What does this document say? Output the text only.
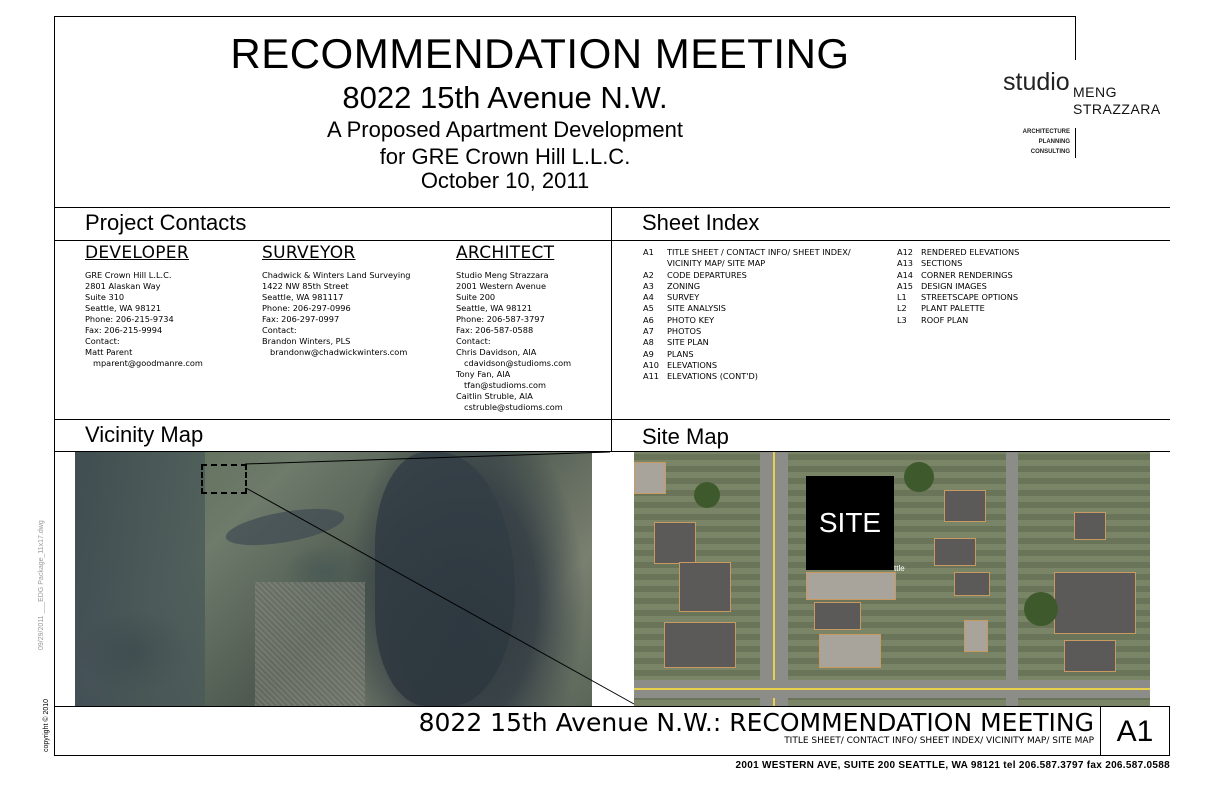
RECOMMENDATION MEETING
8022 15th Avenue N.W.
A Proposed Apartment Development
for GRE Crown Hill L.L.C.
October 10, 2011
studio MENG
STRAZZARA
ARCHITECTURE
PLANNING
CONSULTING
Project Contacts
DEVELOPER
GRE Crown Hill L.L.C.
2801 Alaskan Way
Suite 310
Seattle, WA 98121
Phone: 206-215-9734
Fax: 206-215-9994
Contact:
Matt Parent
mparent@goodmanre.com
SURVEYOR
Chadwick & Winters Land Surveying
1422 NW 85th Street
Seattle, WA 981117
Phone: 206-297-0996
Fax: 206-297-0997
Contact:
Brandon Winters, PLS
brandonw@chadwickwinters.com
ARCHITECT
Studio Meng Strazzara
2001 Western Avenue
Suite 200
Seattle, WA 98121
Phone: 206-587-3797
Fax: 206-587-0588
Contact:
Chris Davidson, AIA
cdavidson@studioms.com
Tony Fan, AIA
tfan@studioms.com
Caitlin Struble, AIA
cstruble@studioms.com
Sheet Index
A1 TITLE SHEET / CONTACT INFO/ SHEET INDEX/
VICINITY MAP/ SITE MAP
A2 CODE DEPARTURES
A3 ZONING
A4 SURVEY
A5 SITE ANALYSIS
A6 PHOTO KEY
A7 PHOTOS
A8 SITE PLAN
A9 PLANS
A10 ELEVATIONS
A11 ELEVATIONS (CONT'D)
A12 RENDERED ELEVATIONS
A13 SECTIONS
A14 CORNER RENDERINGS
A15 DESIGN IMAGES
L1 STREETSCAPE OPTIONS
L2 PLANT PALETTE
L3 ROOF PLAN
Vicinity Map	Site Map
SITE
ttle
8022 15th Avenue N.W.: RECOMMENDATION MEETING
TITLE SHEET/ CONTACT INFO/ SHEET INDEX/ VICINITY MAP/ SITE MAP A1
2001 WESTERN AVE, SUITE 200 SEATTLE, WA 98121 tel 206.587.3797 fax 206.587.0588
09/29/2011 ___EDG Package_11x17.dwg
copyright © 2010
